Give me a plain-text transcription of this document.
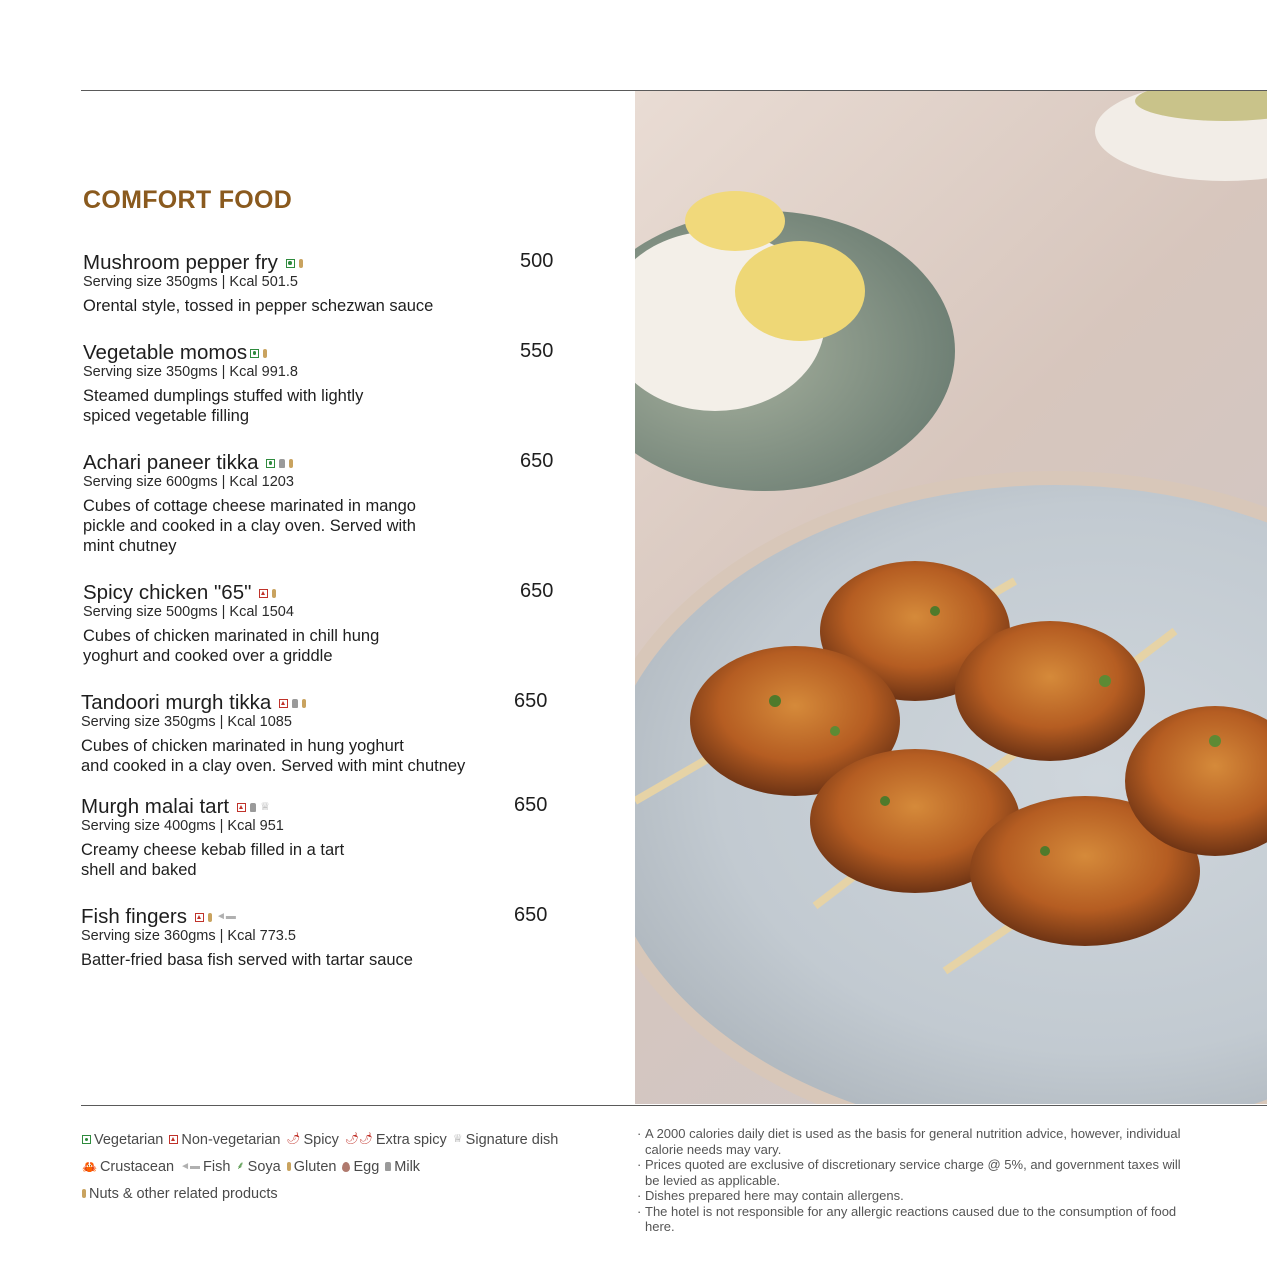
COMFORT FOOD
Mushroom pepper fry	500
Serving size 350gms | Kcal 501.5
Orental style, tossed in pepper schezwan sauce
Vegetable momos	550
Serving size 350gms | Kcal 991.8
Steamed dumplings stuffed with lightly
spiced vegetable filling
Achari paneer tikka	650
Serving size 600gms | Kcal 1203
Cubes of cottage cheese marinated in mango
pickle and cooked in a clay oven. Served with
mint chutney
Spicy chicken "65"	650
Serving size 500gms | Kcal 1504
Cubes of chicken marinated in chill hung
yoghurt and cooked over a griddle
Tandoori murgh tikka	650
Serving size 350gms | Kcal 1085
Cubes of chicken marinated in hung yoghurt
and cooked in a clay oven. Served with mint chutney
Murgh malai tart	♕	650
Serving size 400gms | Kcal 951
Creamy cheese kebab filled in a tart
shell and baked
Fish fingers	◄▬	650
Serving size 360gms | Kcal 773.5
Batter-fried basa fish served with tartar sauce
Vegetarian Non-vegetarian 🌶 Spicy 🌶🌶 Extra spicy ♕ Signature dish
🦀 Crustacean ◄▬ Fish ⸙ Soya Gluten Egg Milk
Nuts & other related products
· A 2000 calories daily diet is used as the basis for general nutrition advice, however, individual calorie needs may vary.
· Prices quoted are exclusive of discretionary service charge @ 5%, and government taxes will be levied as applicable.
· Dishes prepared here may contain allergens.
· The hotel is not responsible for any allergic reactions caused due to the consumption of food here.
